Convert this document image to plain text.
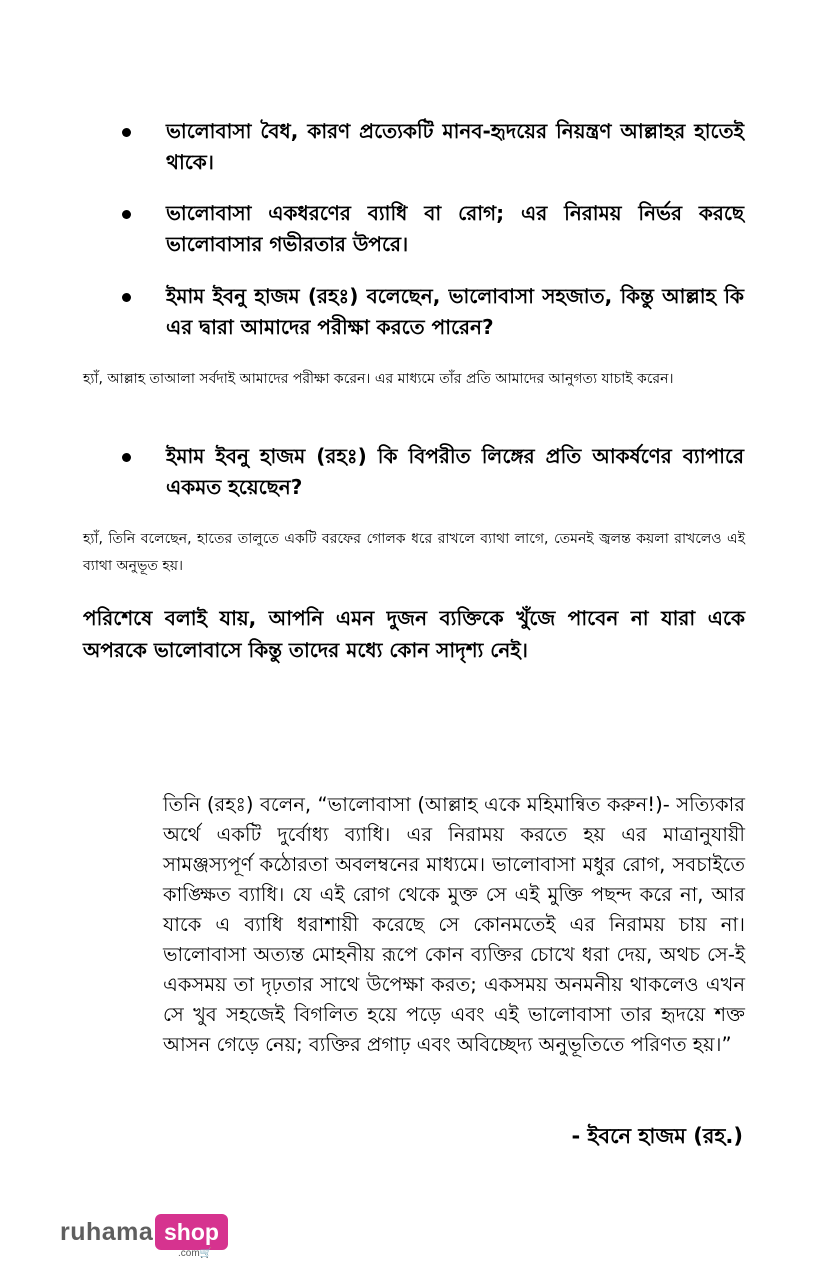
ভালোবাসা বৈধ, কারণ প্রত্যেকটি মানব-হৃদয়ের নিয়ন্ত্রণ আল্লাহর হাতেই থাকে।
ভালোবাসা একধরণের ব্যাধি বা রোগ; এর নিরাময় নির্ভর করছে ভালোবাসার গভীরতার উপরে।
ইমাম ইবনু হাজম (রহঃ) বলেছেন, ভালোবাসা সহজাত, কিন্তু আল্লাহ কি এর দ্বারা আমাদের পরীক্ষা করতে পারেন?
হ্যাঁ, আল্লাহ তাআলা সর্বদাই আমাদের পরীক্ষা করেন। এর মাধ্যমে তাঁর প্রতি আমাদের আনুগত্য যাচাই করেন।
ইমাম ইবনু হাজম (রহঃ) কি বিপরীত লিঙ্গের প্রতি আকর্ষণের ব্যাপারে একমত হয়েছেন?
হ্যাঁ, তিনি বলেছেন, হাতের তালুতে একটি বরফের গোলক ধরে রাখলে ব্যাথা লাগে, তেমনই জ্বলন্ত কয়লা রাখলেও এই ব্যাথা অনুভূত হয়।
পরিশেষে বলাই যায়, আপনি এমন দুজন ব্যক্তিকে খুঁজে পাবেন না যারা একে অপরকে ভালোবাসে কিন্তু তাদের মধ্যে কোন সাদৃশ্য নেই।
তিনি (রহঃ) বলেন, “ভালোবাসা (আল্লাহ একে মহিমান্বিত করুন!)- সত্যিকার অর্থে একটি দুর্বোধ্য ব্যাধি। এর নিরাময় করতে হয় এর মাত্রানুযায়ী সামঞ্জস্যপূর্ণ কঠোরতা অবলম্বনের মাধ্যমে। ভালোবাসা মধুর রোগ, সবচাইতে কাঙ্ক্ষিত ব্যাধি। যে এই রোগ থেকে মুক্ত সে এই মুক্তি পছন্দ করে না, আর যাকে এ ব্যাধি ধরাশায়ী করেছে সে কোনমতেই এর নিরাময় চায় না। ভালোবাসা অত্যন্ত মোহনীয় রূপে কোন ব্যক্তির চোখে ধরা দেয়, অথচ সে-ই একসময় তা দৃঢ়তার সাথে উপেক্ষা করত; একসময় অনমনীয় থাকলেও এখন সে খুব সহজেই বিগলিত হয়ে পড়ে এবং এই ভালোবাসা তার হৃদয়ে শক্ত আসন গেড়ে নেয়; ব্যক্তির প্রগাঢ় এবং অবিচ্ছেদ্য অনুভূতিতে পরিণত হয়।”
- ইবনে হাজম (রহ.)
ruhama shop
.com🛒
